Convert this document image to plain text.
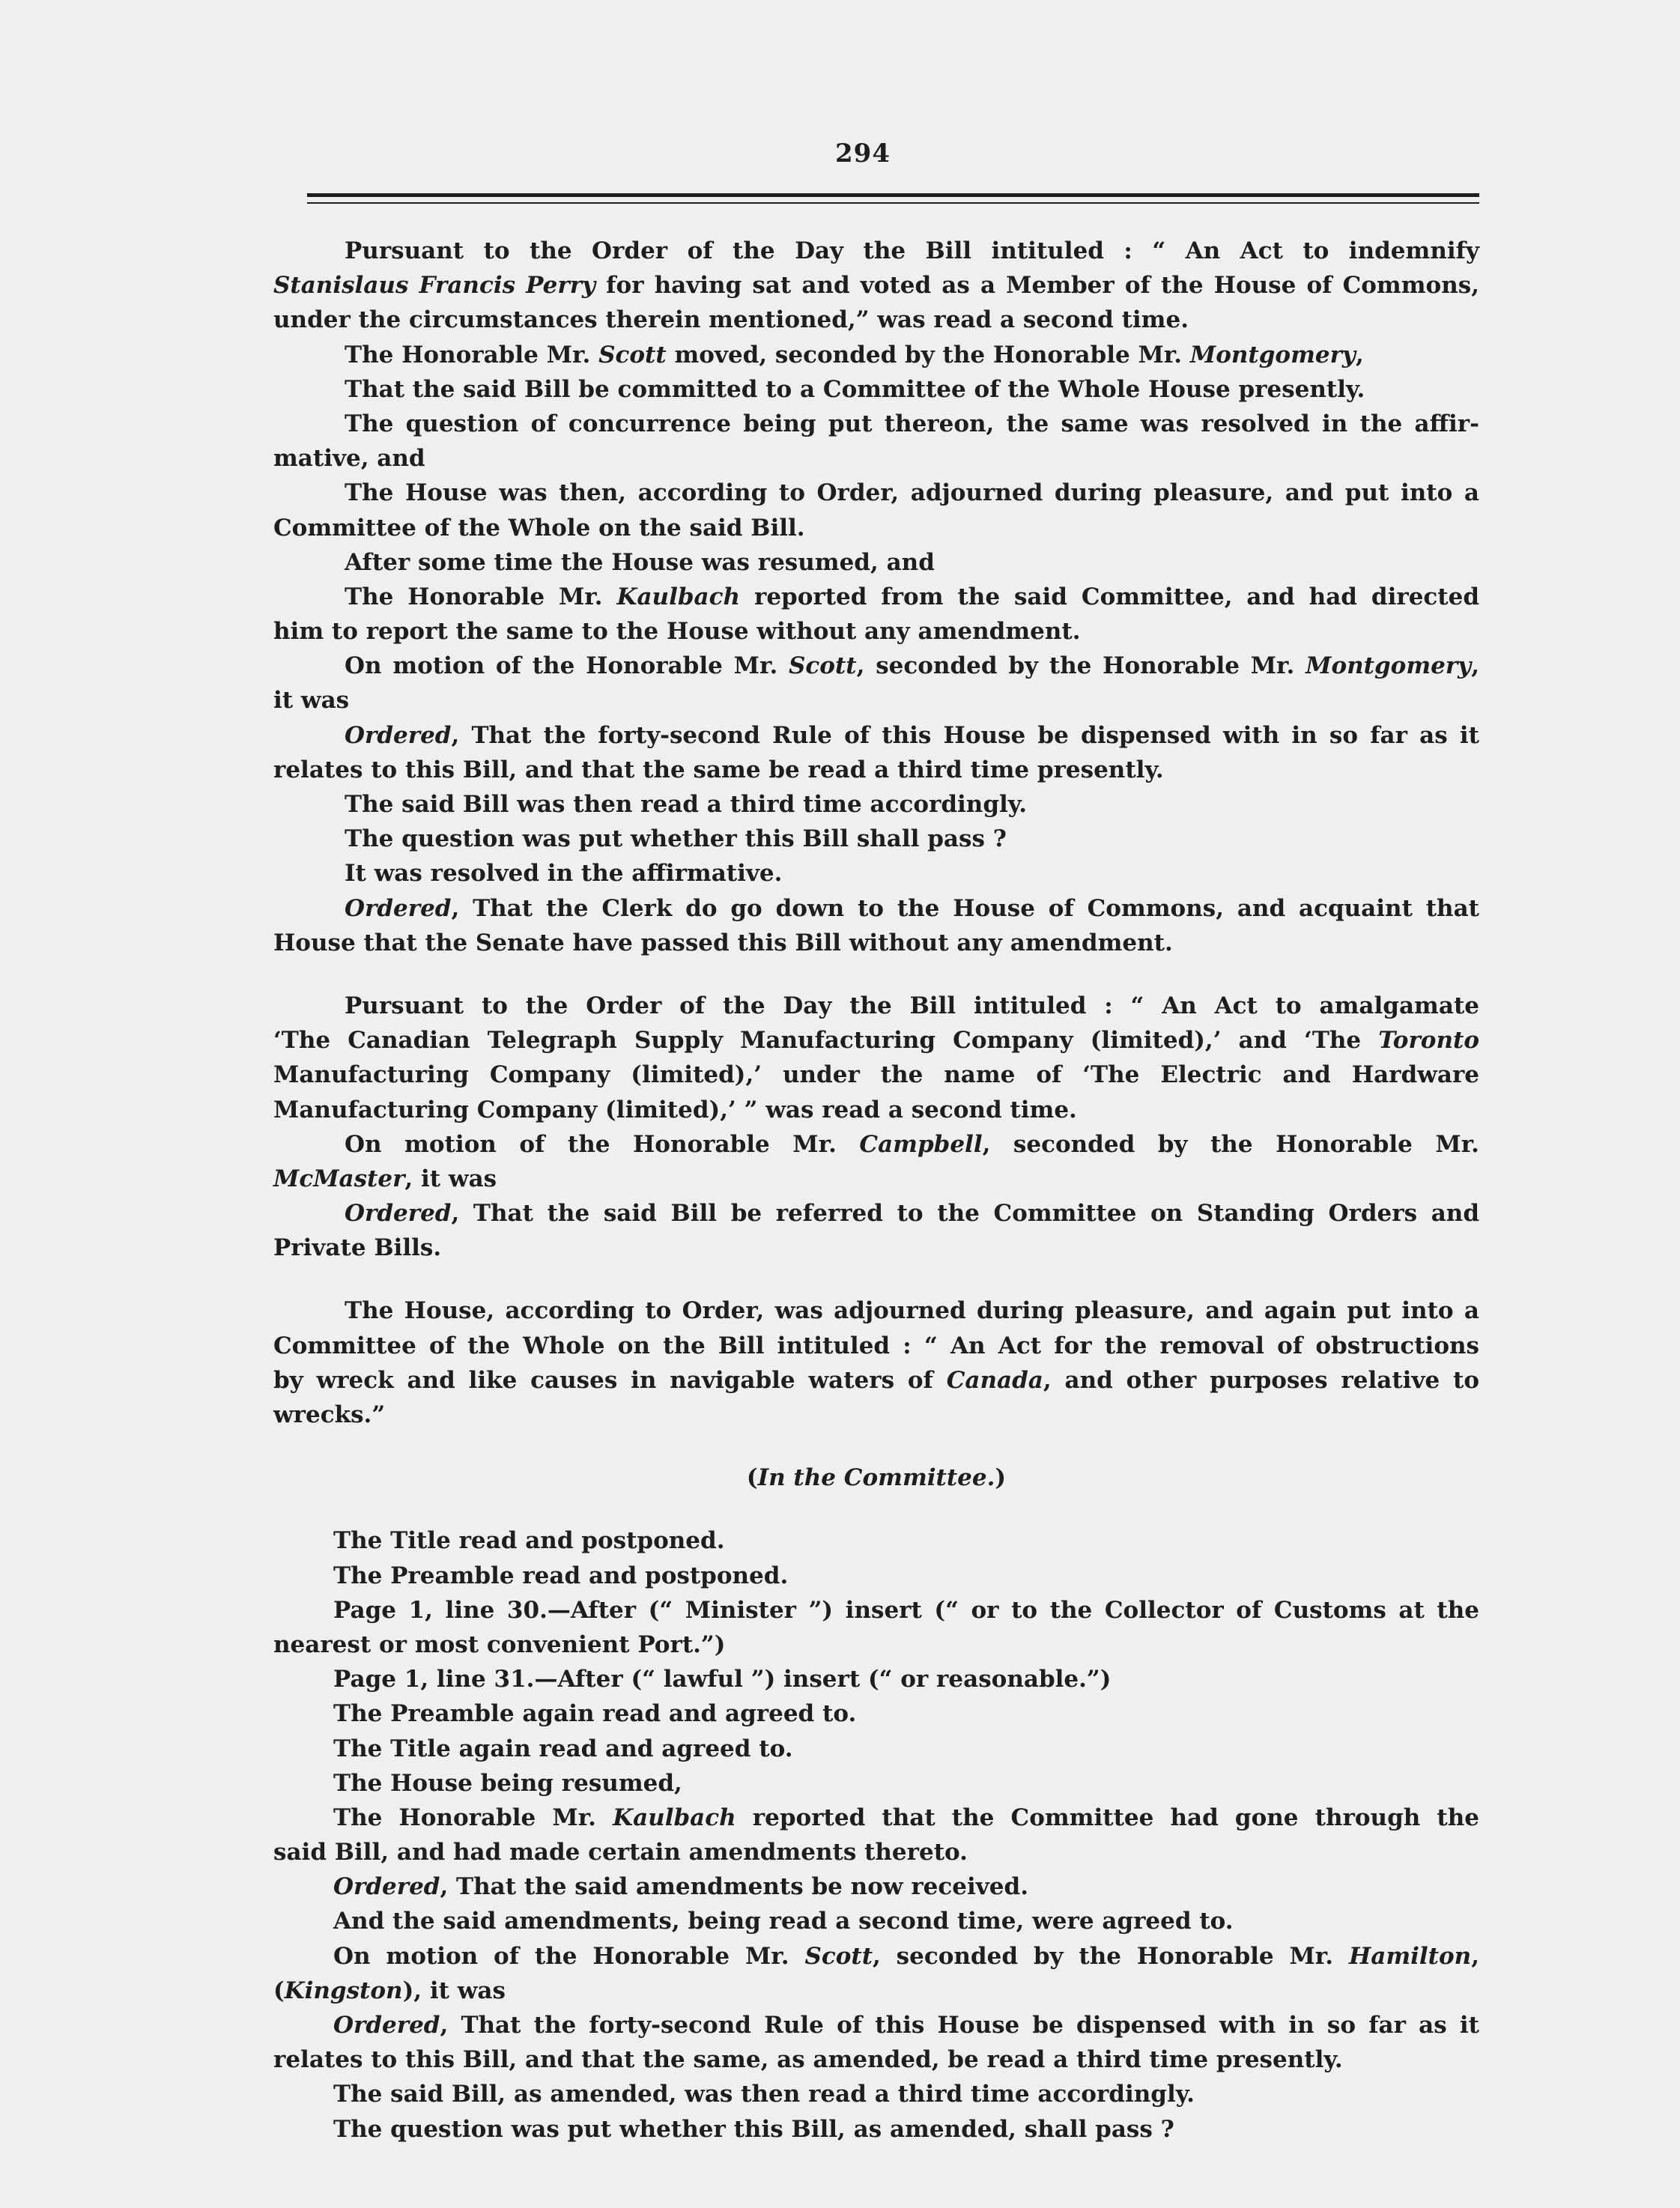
294
Pursuant to the Order of the Day the Bill intituled : “ An Act to indemnify
Stanislaus Francis Perry for having sat and voted as a Member of the House of Commons,
under the circumstances therein mentioned,” was read a second time.
The Honorable Mr. Scott moved, seconded by the Honorable Mr. Montgomery,
That the said Bill be committed to a Committee of the Whole House presently.
The question of concurrence being put thereon, the same was resolved in the affir-
mative, and
The House was then, according to Order, adjourned during pleasure, and put into a
Committee of the Whole on the said Bill.
After some time the House was resumed, and
The Honorable Mr. Kaulbach reported from the said Committee, and had directed
him to report the same to the House without any amendment.
On motion of the Honorable Mr. Scott, seconded by the Honorable Mr. Montgomery,
it was
Ordered, That the forty-second Rule of this House be dispensed with in so far as it
relates to this Bill, and that the same be read a third time presently.
The said Bill was then read a third time accordingly.
The question was put whether this Bill shall pass ?
It was resolved in the affirmative.
Ordered, That the Clerk do go down to the House of Commons, and acquaint that
House that the Senate have passed this Bill without any amendment.
Pursuant to the Order of the Day the Bill intituled : “ An Act to amalgamate
‘The Canadian Telegraph Supply Manufacturing Company (limited),’ and ‘The Toronto
Manufacturing Company (limited),’ under the name of ‘The Electric and Hardware
Manufacturing Company (limited),’ ” was read a second time.
On motion of the Honorable Mr. Campbell, seconded by the Honorable Mr.
McMaster, it was
Ordered, That the said Bill be referred to the Committee on Standing Orders and
Private Bills.
The House, according to Order, was adjourned during pleasure, and again put into a
Committee of the Whole on the Bill intituled : “ An Act for the removal of obstructions
by wreck and like causes in navigable waters of Canada, and other purposes relative to
wrecks.”
(In the Committee.)
The Title read and postponed.
The Preamble read and postponed.
Page 1, line 30.—After (“ Minister ”) insert (“ or to the Collector of Customs at the
nearest or most convenient Port.”)
Page 1, line 31.—After (“ lawful ”) insert (“ or reasonable.”)
The Preamble again read and agreed to.
The Title again read and agreed to.
The House being resumed,
The Honorable Mr. Kaulbach reported that the Committee had gone through the
said Bill, and had made certain amendments thereto.
Ordered, That the said amendments be now received.
And the said amendments, being read a second time, were agreed to.
On motion of the Honorable Mr. Scott, seconded by the Honorable Mr. Hamilton,
(Kingston), it was
Ordered, That the forty-second Rule of this House be dispensed with in so far as it
relates to this Bill, and that the same, as amended, be read a third time presently.
The said Bill, as amended, was then read a third time accordingly.
The question was put whether this Bill, as amended, shall pass ?
